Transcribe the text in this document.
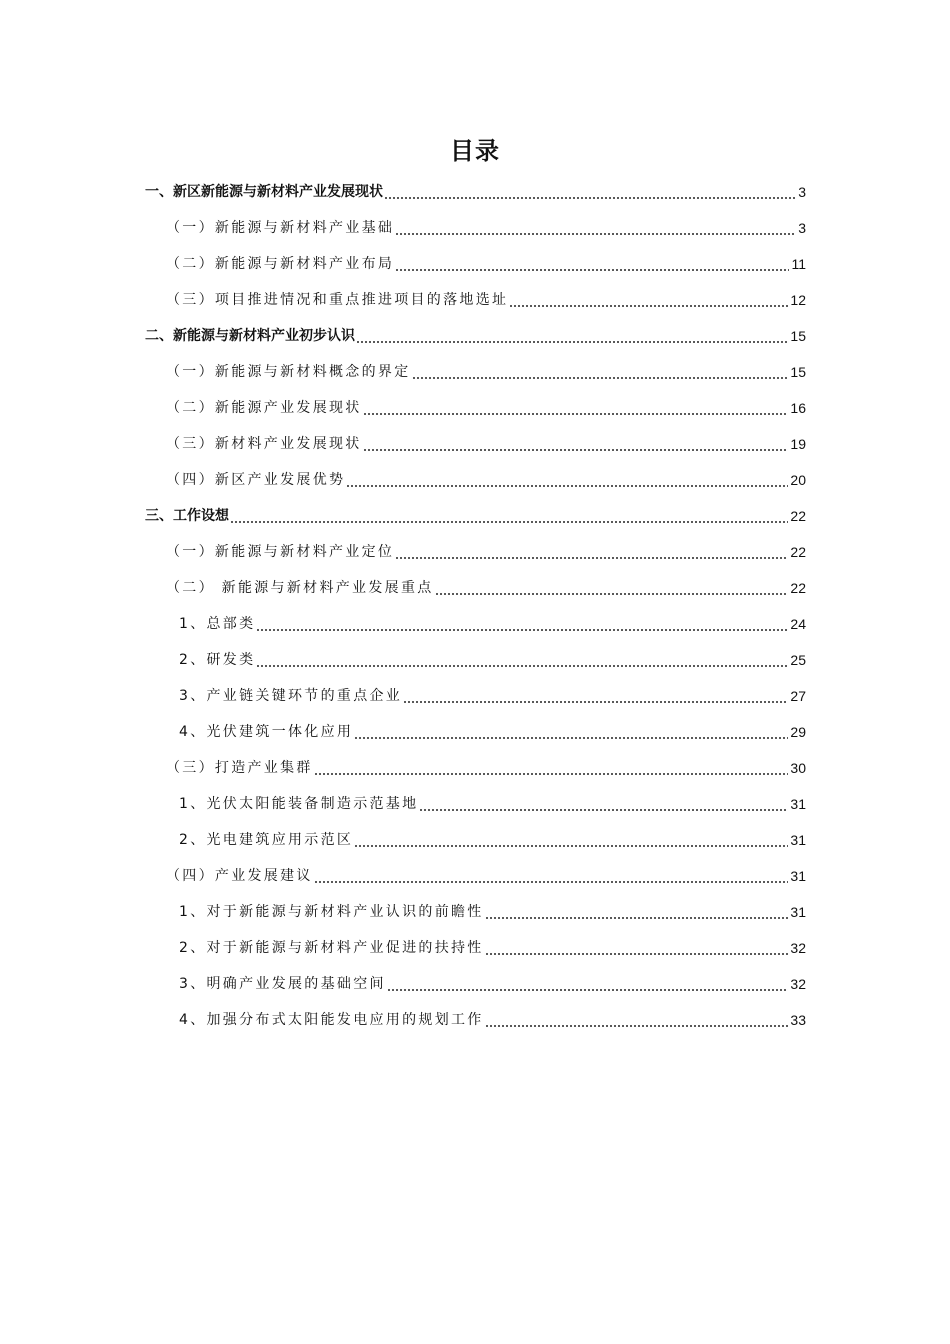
目录
一、新区新能源与新材料产业发展现状	3
（一）新能源与新材料产业基础	3
（二）新能源与新材料产业布局	11
（三）项目推进情况和重点推进项目的落地选址	12
二、新能源与新材料产业初步认识	15
（一）新能源与新材料概念的界定	15
（二）新能源产业发展现状	16
（三）新材料产业发展现状	19
（四）新区产业发展优势	20
三、工作设想	22
（一）新能源与新材料产业定位	22
（二） 新能源与新材料产业发展重点	22
1、总部类	24
2、研发类	25
3、产业链关键环节的重点企业	27
4、光伏建筑一体化应用	29
（三）打造产业集群	30
1、光伏太阳能装备制造示范基地	31
2、光电建筑应用示范区	31
（四）产业发展建议	31
1、对于新能源与新材料产业认识的前瞻性	31
2、对于新能源与新材料产业促进的扶持性	32
3、明确产业发展的基础空间	32
4、加强分布式太阳能发电应用的规划工作	33
